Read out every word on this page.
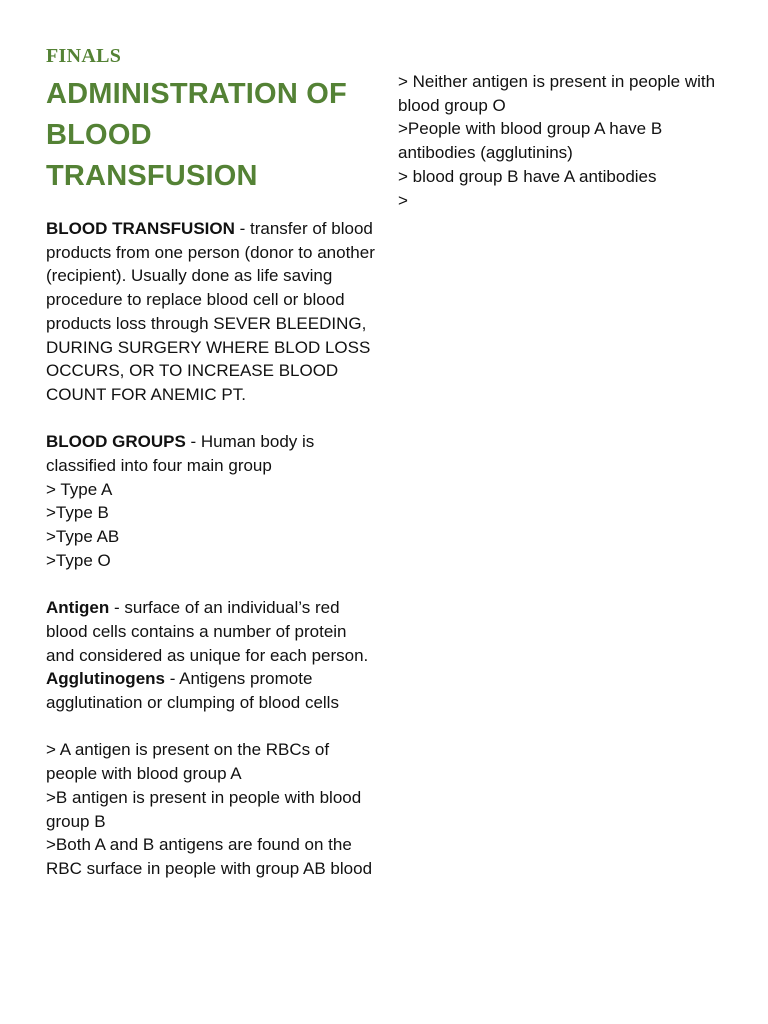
FINALS

ADMINISTRATION OF
BLOOD
TRANSFUSION

BLOOD TRANSFUSION - transfer of blood products from one person (donor to another (recipient). Usually done as life saving procedure to replace blood cell or blood products loss through SEVER BLEEDING, DURING SURGERY WHERE BLOD LOSS OCCURS, OR TO INCREASE BLOOD COUNT FOR ANEMIC PT.

BLOOD GROUPS - Human body is classified into four main group

> Type A
>Type B
>Type AB
>Type O

Antigen - surface of an individual’s red blood cells contains a number of protein and considered as unique for each person.

Agglutinogens - Antigens promote agglutination or clumping of blood cells

> A antigen is present on the RBCs of people with blood group A
>B antigen is present in people with blood group B
>Both A and B antigens are found on the RBC surface in people with group AB blood

> Neither antigen is present in people with blood group O
>People with blood group A have B antibodies (agglutinins)
> blood group B have A antibodies
>
